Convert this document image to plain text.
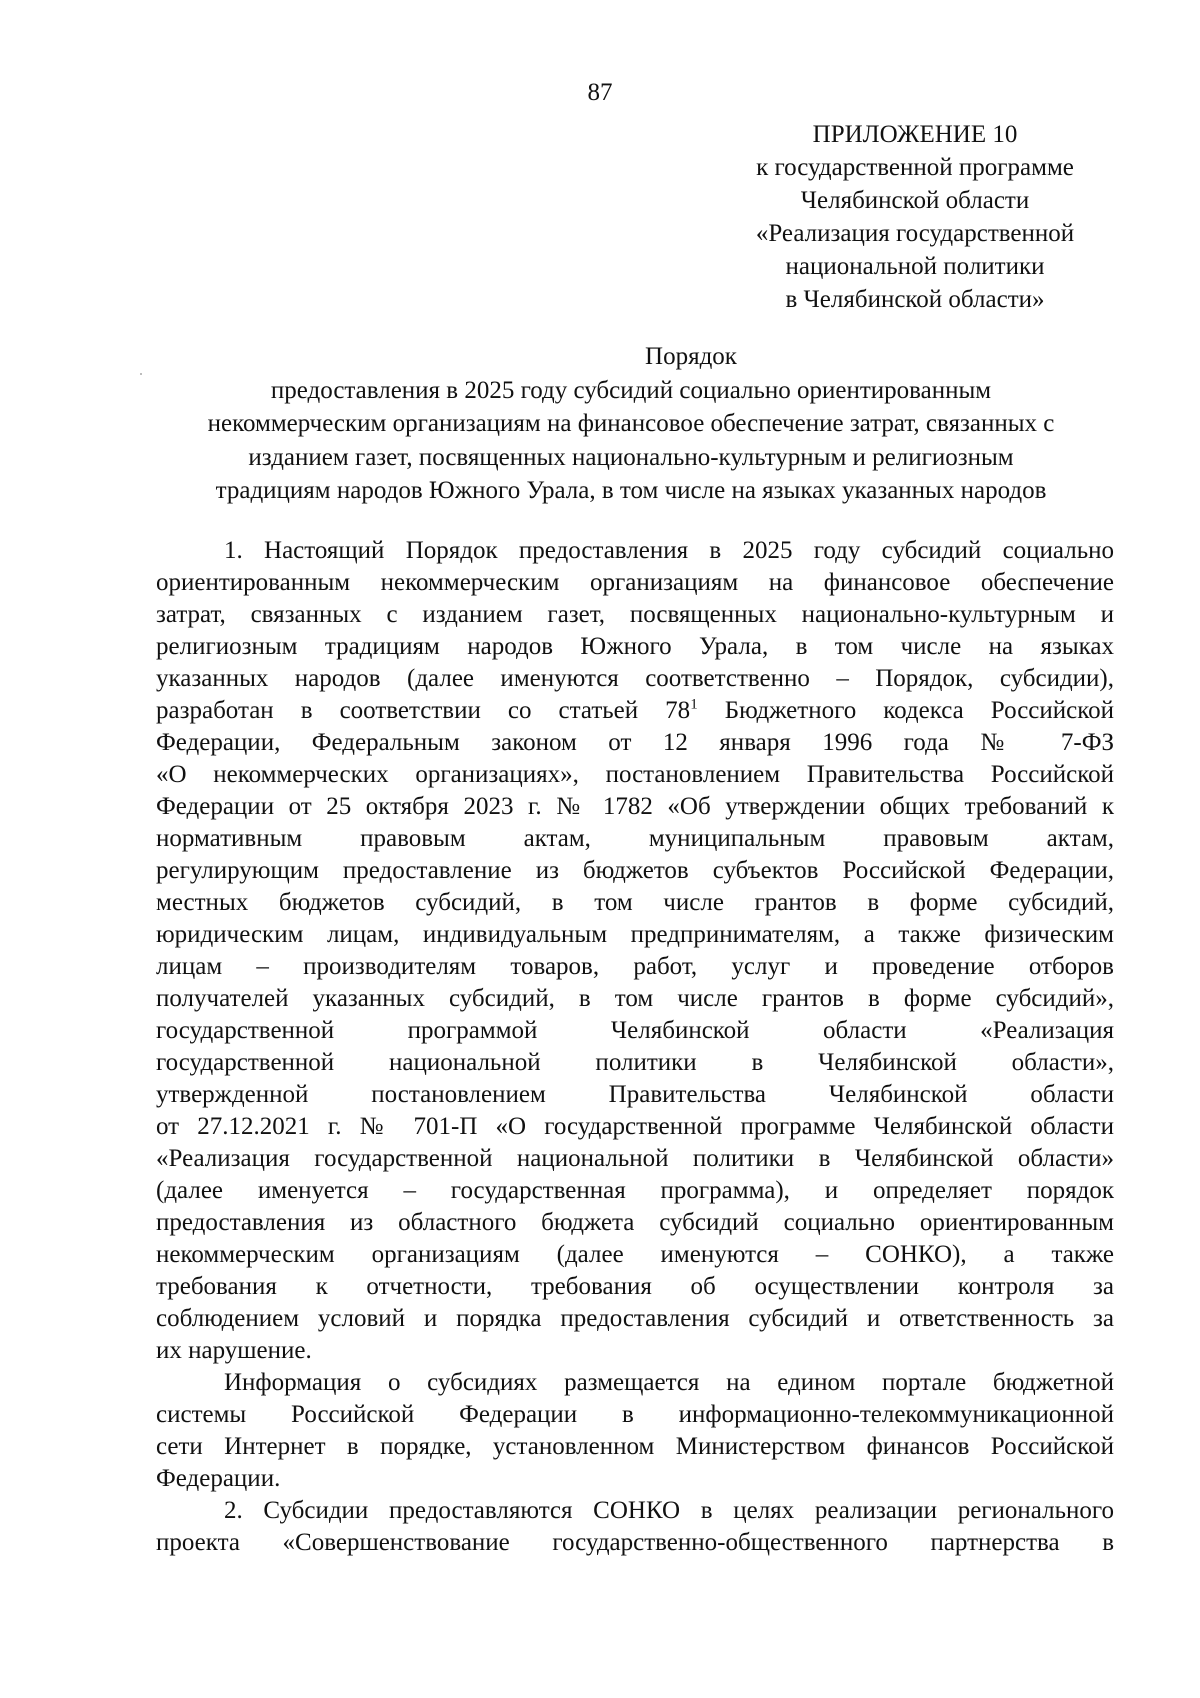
87
ПРИЛОЖЕНИЕ 10
к государственной программе
Челябинской области
«Реализация государственной
национальной политики
в Челябинской области»
Порядок
предоставления в 2025 году субсидий социально ориентированным
некоммерческим организациям на финансовое обеспечение затрат, связанных с
изданием газет, посвященных национально-культурным и религиозным
традициям народов Южного Урала, в том числе на языках указанных народов
1. Настоящий Порядок предоставления в 2025 году субсидий социально
ориентированным некоммерческим организациям на финансовое обеспечение
затрат, связанных с изданием газет, посвященных национально-культурным и
религиозным традициям народов Южного Урала, в том числе на языках
указанных народов (далее именуются соответственно – Порядок, субсидии),
разработан в соответствии со статьей $78^1$ Бюджетного кодекса Российской
Федерации, Федеральным законом от 12 января 1996 года № 7-ФЗ
«О некоммерческих организациях», постановлением Правительства Российской
Федерации от 25 октября 2023 г. № 1782 «Об утверждении общих требований к
нормативным правовым актам, муниципальным правовым актам,
регулирующим предоставление из бюджетов субъектов Российской Федерации,
местных бюджетов субсидий, в том числе грантов в форме субсидий,
юридическим лицам, индивидуальным предпринимателям, а также физическим
лицам – производителям товаров, работ, услуг и проведение отборов
получателей указанных субсидий, в том числе грантов в форме субсидий»,
государственной программой Челябинской области «Реализация
государственной национальной политики в Челябинской области»,
утвержденной постановлением Правительства Челябинской области
от 27.12.2021 г. № 701-П «О государственной программе Челябинской области
«Реализация государственной национальной политики в Челябинской области»
(далее именуется – государственная программа), и определяет порядок
предоставления из областного бюджета субсидий социально ориентированным
некоммерческим организациям (далее именуются – СОНКО), а также
требования к отчетности, требования об осуществлении контроля за
соблюдением условий и порядка предоставления субсидий и ответственность за
их нарушение.
Информация о субсидиях размещается на едином портале бюджетной
системы Российской Федерации в информационно-телекоммуникационной
сети Интернет в порядке, установленном Министерством финансов Российской
Федерации.
2. Субсидии предоставляются СОНКО в целях реализации регионального
проекта «Совершенствование государственно-общественного партнерства в
